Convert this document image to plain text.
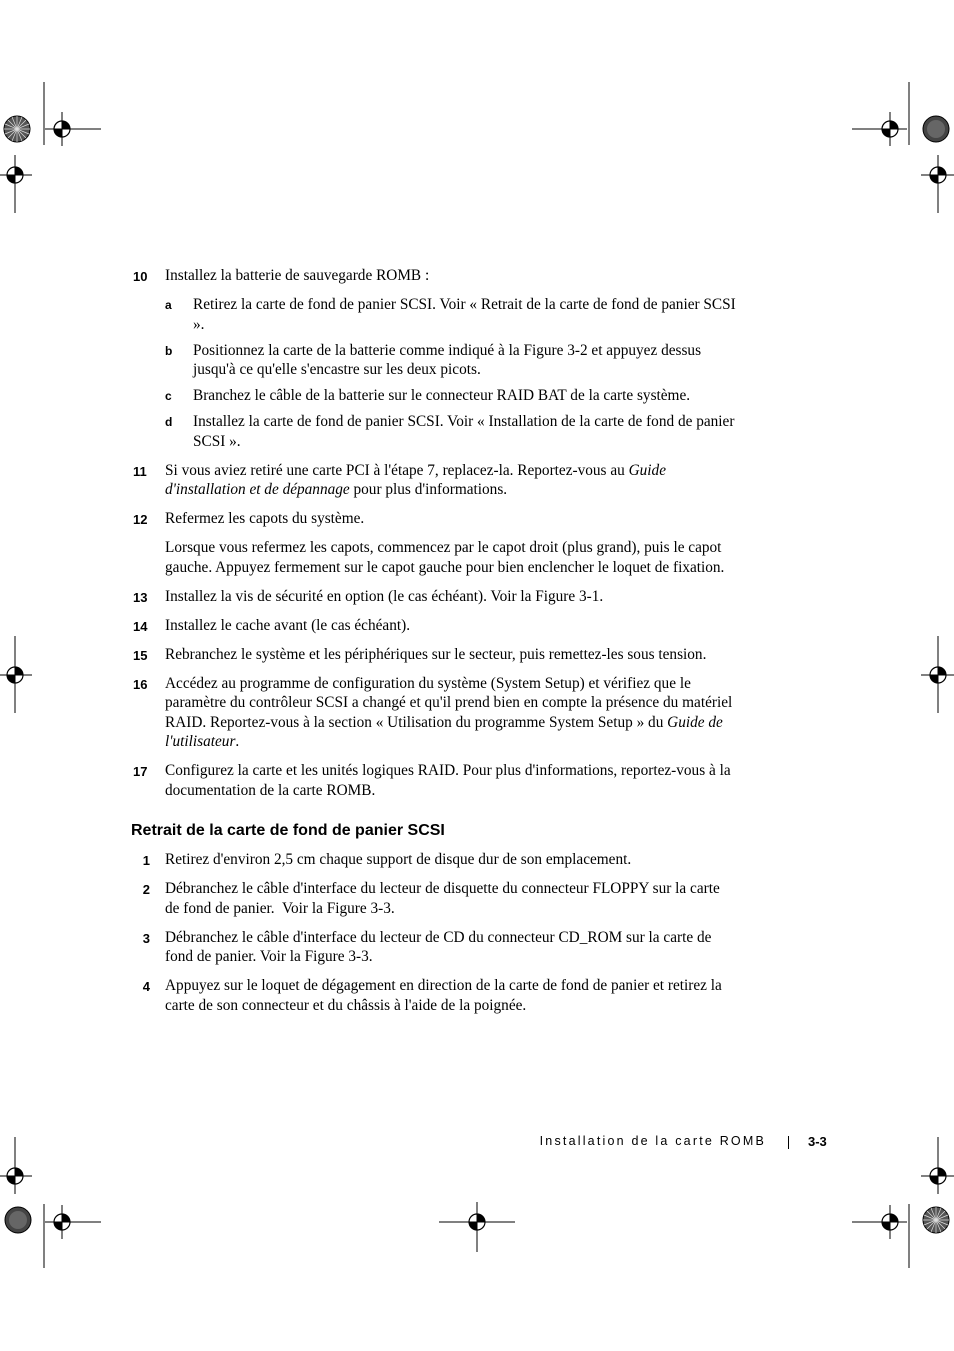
10	Installez la batterie de sauvegarde ROMB :
a Retirez la carte de fond de panier SCSI. Voir « Retrait de la carte de fond de panier SCSI ».
b Positionnez la carte de la batterie comme indiqué à la Figure 3-2 et appuyez dessus jusqu'à ce qu'elle s'encastre sur les deux picots.
c Branchez le câble de la batterie sur le connecteur RAID BAT de la carte système.
d Installez la carte de fond de panier SCSI. Voir « Installation de la carte de fond de panier SCSI ».
11	Si vous aviez retiré une carte PCI à l'étape 7, replacez-la. Reportez-vous au Guide d'installation et de dépannage pour plus d'informations.
12	Refermez les capots du système.
Lorsque vous refermez les capots, commencez par le capot droit (plus grand), puis le capot gauche. Appuyez fermement sur le capot gauche pour bien enclencher le loquet de fixation.
13	Installez la vis de sécurité en option (le cas échéant). Voir la Figure 3-1.
14	Installez le cache avant (le cas échéant).
15	Rebranchez le système et les périphériques sur le secteur, puis remettez-les sous tension.
16	Accédez au programme de configuration du système (System Setup) et vérifiez que le paramètre du contrôleur SCSI a changé et qu'il prend bien en compte la présence du matériel RAID. Reportez-vous à la section « Utilisation du programme System Setup » du Guide de l'utilisateur.
17	Configurez la carte et les unités logiques RAID. Pour plus d'informations, reportez-vous à la documentation de la carte ROMB.
Retrait de la carte de fond de panier SCSI
1 Retirez d'environ 2,5 cm chaque support de disque dur de son emplacement.
2 Débranchez le câble d'interface du lecteur de disquette du connecteur FLOPPY sur la carte de fond de panier.  Voir la Figure 3-3.
3 Débranchez le câble d'interface du lecteur de CD du connecteur CD_ROM sur la carte de fond de panier. Voir la Figure 3-3.
4 Appuyez sur le loquet de dégagement en direction de la carte de fond de panier et retirez la carte de son connecteur et du châssis à l'aide de la poignée.
Installation de la carte ROMB	3-3
